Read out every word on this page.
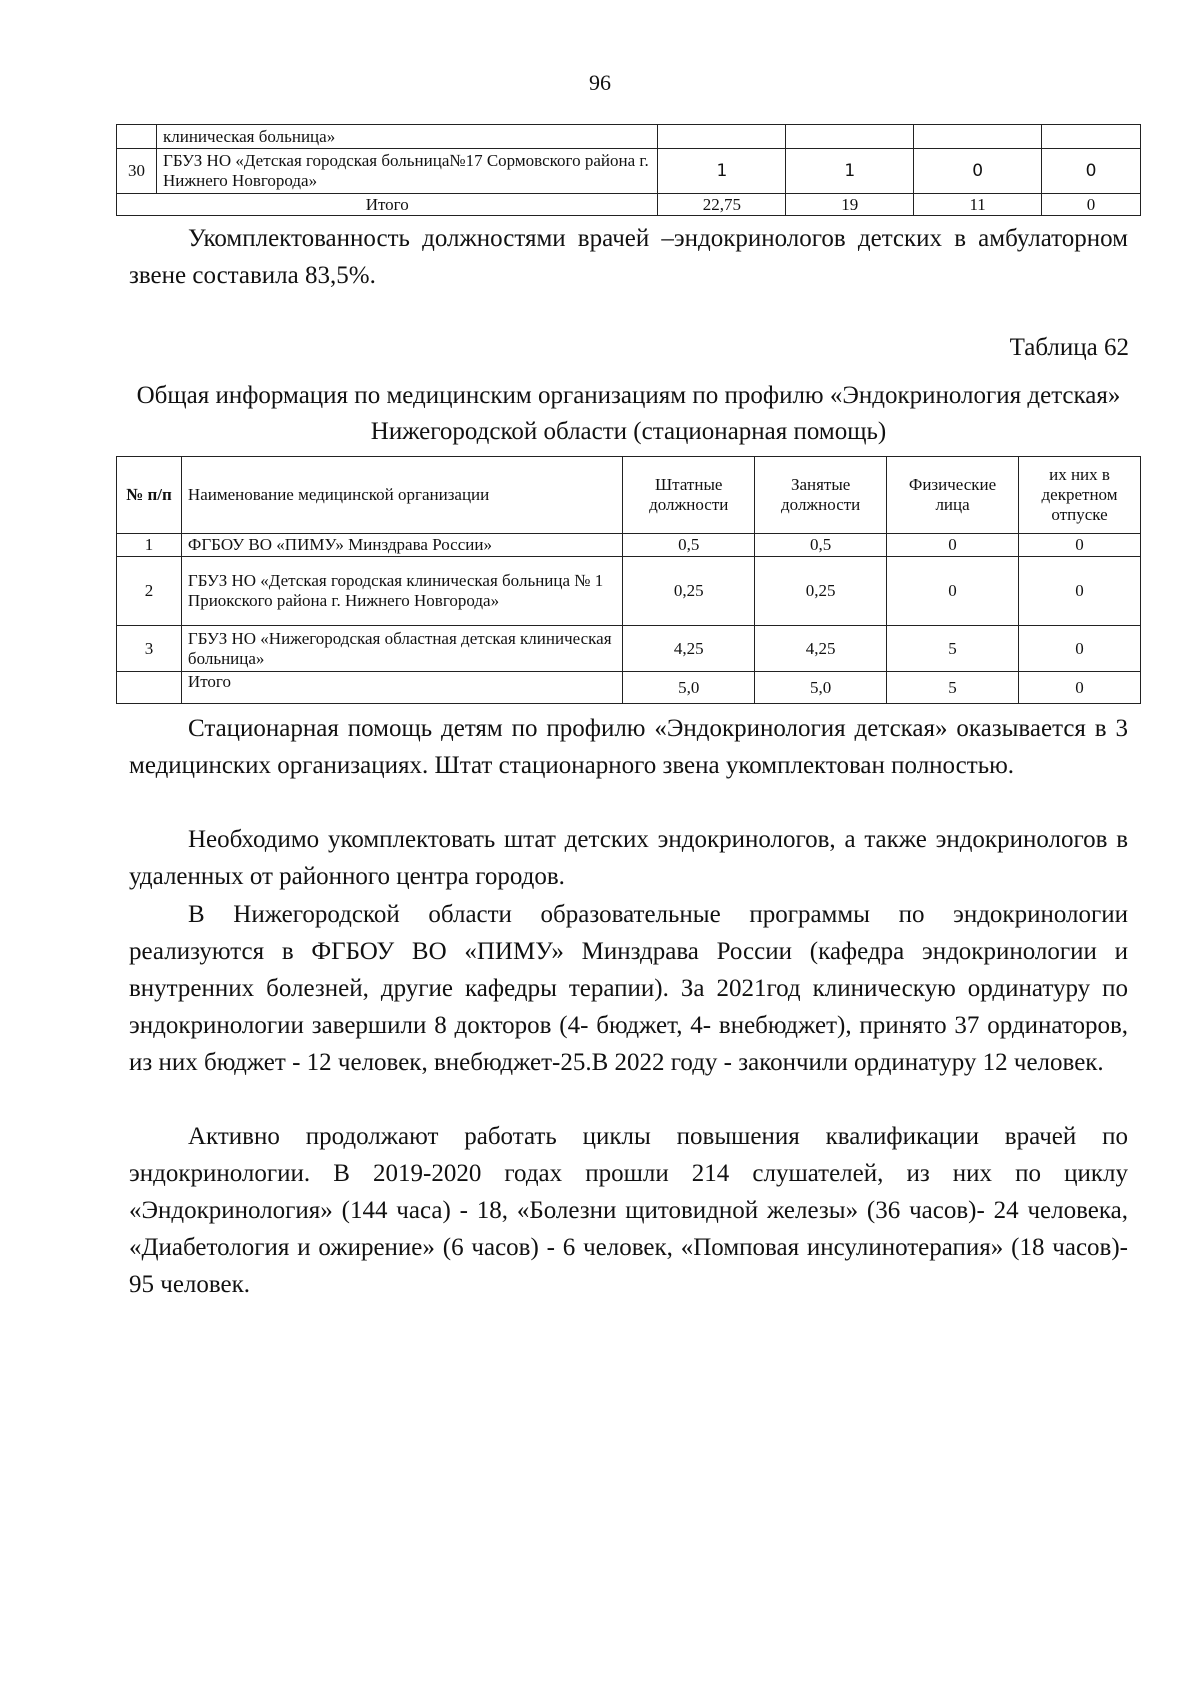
96
	клиническая больница»				
30	ГБУЗ НО «Детская городская больница№17 Сормовского района г. Нижнего Новгорода»	1	1	0	0
Итого		22,75	19	11	0

Укомплектованность должностями врачей –эндокринологов детских в амбулаторном звене составила 83,5%.

Таблица 62

Общая информация по медицинским организациям по профилю «Эндокринология детская» Нижегородской области (стационарная помощь)

№ п/п	Наименование медицинской организации	Штатные должности	Занятые должности	Физические лица	их них в декретном отпуске
1	ФГБОУ ВО «ПИМУ» Минздрава России»	0,5	0,5	0	0
2	ГБУЗ НО «Детская городская клиническая больница № 1 Приокского района г. Нижнего Новгорода»	0,25	0,25	0	0
3	ГБУЗ НО «Нижегородская областная детская клиническая больница»	4,25	4,25	5	0
	Итого	5,0	5,0	5	0

Стационарная помощь детям по профилю «Эндокринология детская» оказывается в 3 медицинских организациях. Штат стационарного звена укомплектован полностью.

Необходимо укомплектовать штат детских эндокринологов, а также эндокринологов в удаленных от районного центра городов.

В Нижегородской области образовательные программы по эндокринологии реализуются в ФГБОУ ВО «ПИМУ» Минздрава России (кафедра эндокринологии и внутренних болезней, другие кафедры терапии). За 2021год клиническую ординатуру по эндокринологии завершили 8 докторов (4- бюджет, 4- внебюджет), принято 37 ординаторов, из них бюджет - 12 человек, внебюджет-25.В 2022 году - закончили ординатуру 12 человек.

Активно продолжают работать циклы повышения квалификации врачей по эндокринологии. В 2019-2020 годах прошли 214 слушателей, из них по циклу «Эндокринология» (144 часа) - 18, «Болезни щитовидной железы» (36 часов)- 24 человека, «Диабетология и ожирение» (6 часов) - 6 человек, «Помповая инсулинотерапия» (18 часов)- 95 человек.
